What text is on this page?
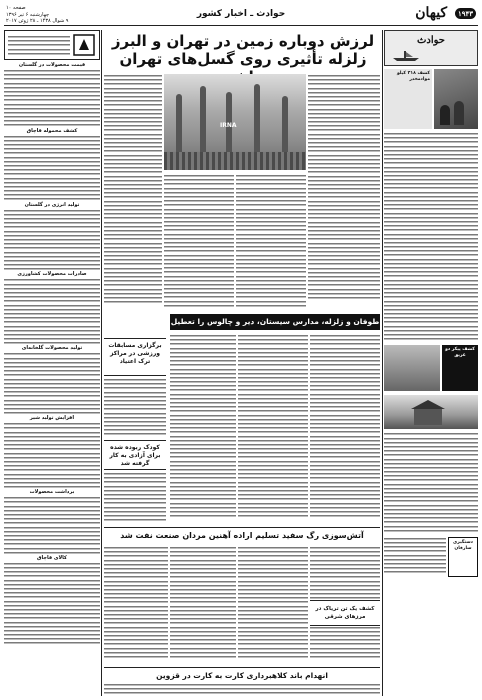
۱۹۴۳ کیهان
حوادث ـ اخبار کشور
صفحه ۱۰
چهارشنبه ۶ تیر ۱۳۹۶
۹ شوال ۱۴۳۸ ـ ۲۸ ژوئن ۲۰۱۷
حوادث
کشف ۳۱۸ کیلو موادمخدر
کشف پیکر دو غریق
دستگیری سارقان
لرزش دوباره زمین در تهران و البرز
زلزله تأثیری روی گسل‌های تهران
IRNA
طوفان و زلزله، مدارس سیستان، دیر و چالوس را تعطیل
برگزاری مسابقات ورزشی در مراکز ترک اعتیاد
کودک ربوده شده برای آزادی به کار گرفته شد
آتش‌سوزی رگ سفید تسلیم اراده آهنین مردان صنعت نفت شد
کشف یک تن تریاک در مرزهای شرقی
انهدام باند کلاهبرداری کارت به کارت در قزوین
قیمت محصولات در گلستان
کشف محموله قاچاق
تولید انرژی در گلستان
صادرات محصولات کشاورزی
تولید محصولات گلخانه‌ای
افزایش تولید شیر
برداشت محصولات
کالای قاچاق
